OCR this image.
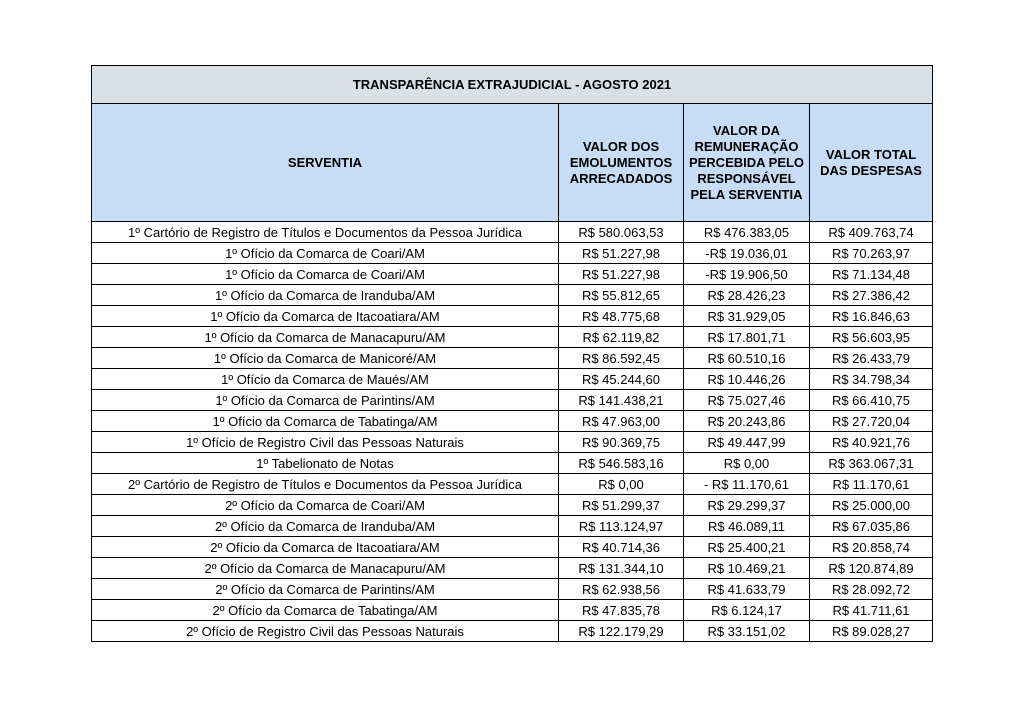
TRANSPARÊNCIA EXTRAJUDICIAL - AGOSTO 2021			
SERVENTIA	VALOR DOS EMOLUMENTOS ARRECADADOS	VALOR DA REMUNERAÇÃO PERCEBIDA PELO RESPONSÁVEL PELA SERVENTIA	VALOR TOTAL DAS DESPESAS
1º Cartório de Registro de Títulos e Documentos da Pessoa Jurídica	R$ 580.063,53	R$ 476.383,05	R$ 409.763,74
1º Ofício da Comarca de Coari/AM	R$ 51.227,98	-R$ 19.036,01	R$ 70.263,97
1º Ofício da Comarca de Coari/AM	R$ 51.227,98	-R$ 19.906,50	R$ 71.134,48
1º Ofício da Comarca de Iranduba/AM	R$ 55.812,65	R$ 28.426,23	R$ 27.386,42
1º Ofício da Comarca de Itacoatiara/AM	R$ 48.775,68	R$ 31.929,05	R$ 16.846,63
1º Ofício da Comarca de Manacapuru/AM	R$ 62.119,82	R$ 17.801,71	R$ 56.603,95
1º Ofício da Comarca de Manicoré/AM	R$ 86.592,45	R$ 60.510,16	R$ 26.433,79
1º Ofício da Comarca de Maués/AM	R$ 45.244,60	R$ 10.446,26	R$ 34.798,34
1º Ofício da Comarca de Parintins/AM	R$ 141.438,21	R$ 75.027,46	R$ 66.410,75
1º Ofício da Comarca de Tabatinga/AM	R$ 47.963,00	R$ 20.243,86	R$ 27.720,04
1º Ofício de Registro Civil das Pessoas Naturais	R$ 90.369,75	R$ 49.447,99	R$ 40.921,76
1º Tabelionato de Notas	R$ 546.583,16	R$ 0,00	R$ 363.067,31
2º Cartório de Registro de Títulos e Documentos da Pessoa Jurídica	R$ 0,00	- R$ 11.170,61	R$ 11.170,61
2º Ofício da Comarca de Coari/AM	R$ 51.299,37	R$ 29.299,37	R$ 25.000,00
2º Ofício da Comarca de Iranduba/AM	R$ 113.124,97	R$ 46.089,11	R$ 67.035,86
2º Ofício da Comarca de Itacoatiara/AM	R$ 40.714,36	R$ 25.400,21	R$ 20.858,74
2º Ofício da Comarca de Manacapuru/AM	R$ 131.344,10	R$ 10.469,21	R$ 120.874,89
2º Ofício da Comarca de Parintins/AM	R$ 62.938,56	R$ 41.633,79	R$ 28.092,72
2º Ofício da Comarca de Tabatinga/AM	R$ 47.835,78	R$ 6.124,17	R$ 41.711,61
2º Ofício de Registro Civil das Pessoas Naturais	R$ 122.179,29	R$ 33.151,02	R$ 89.028,27
